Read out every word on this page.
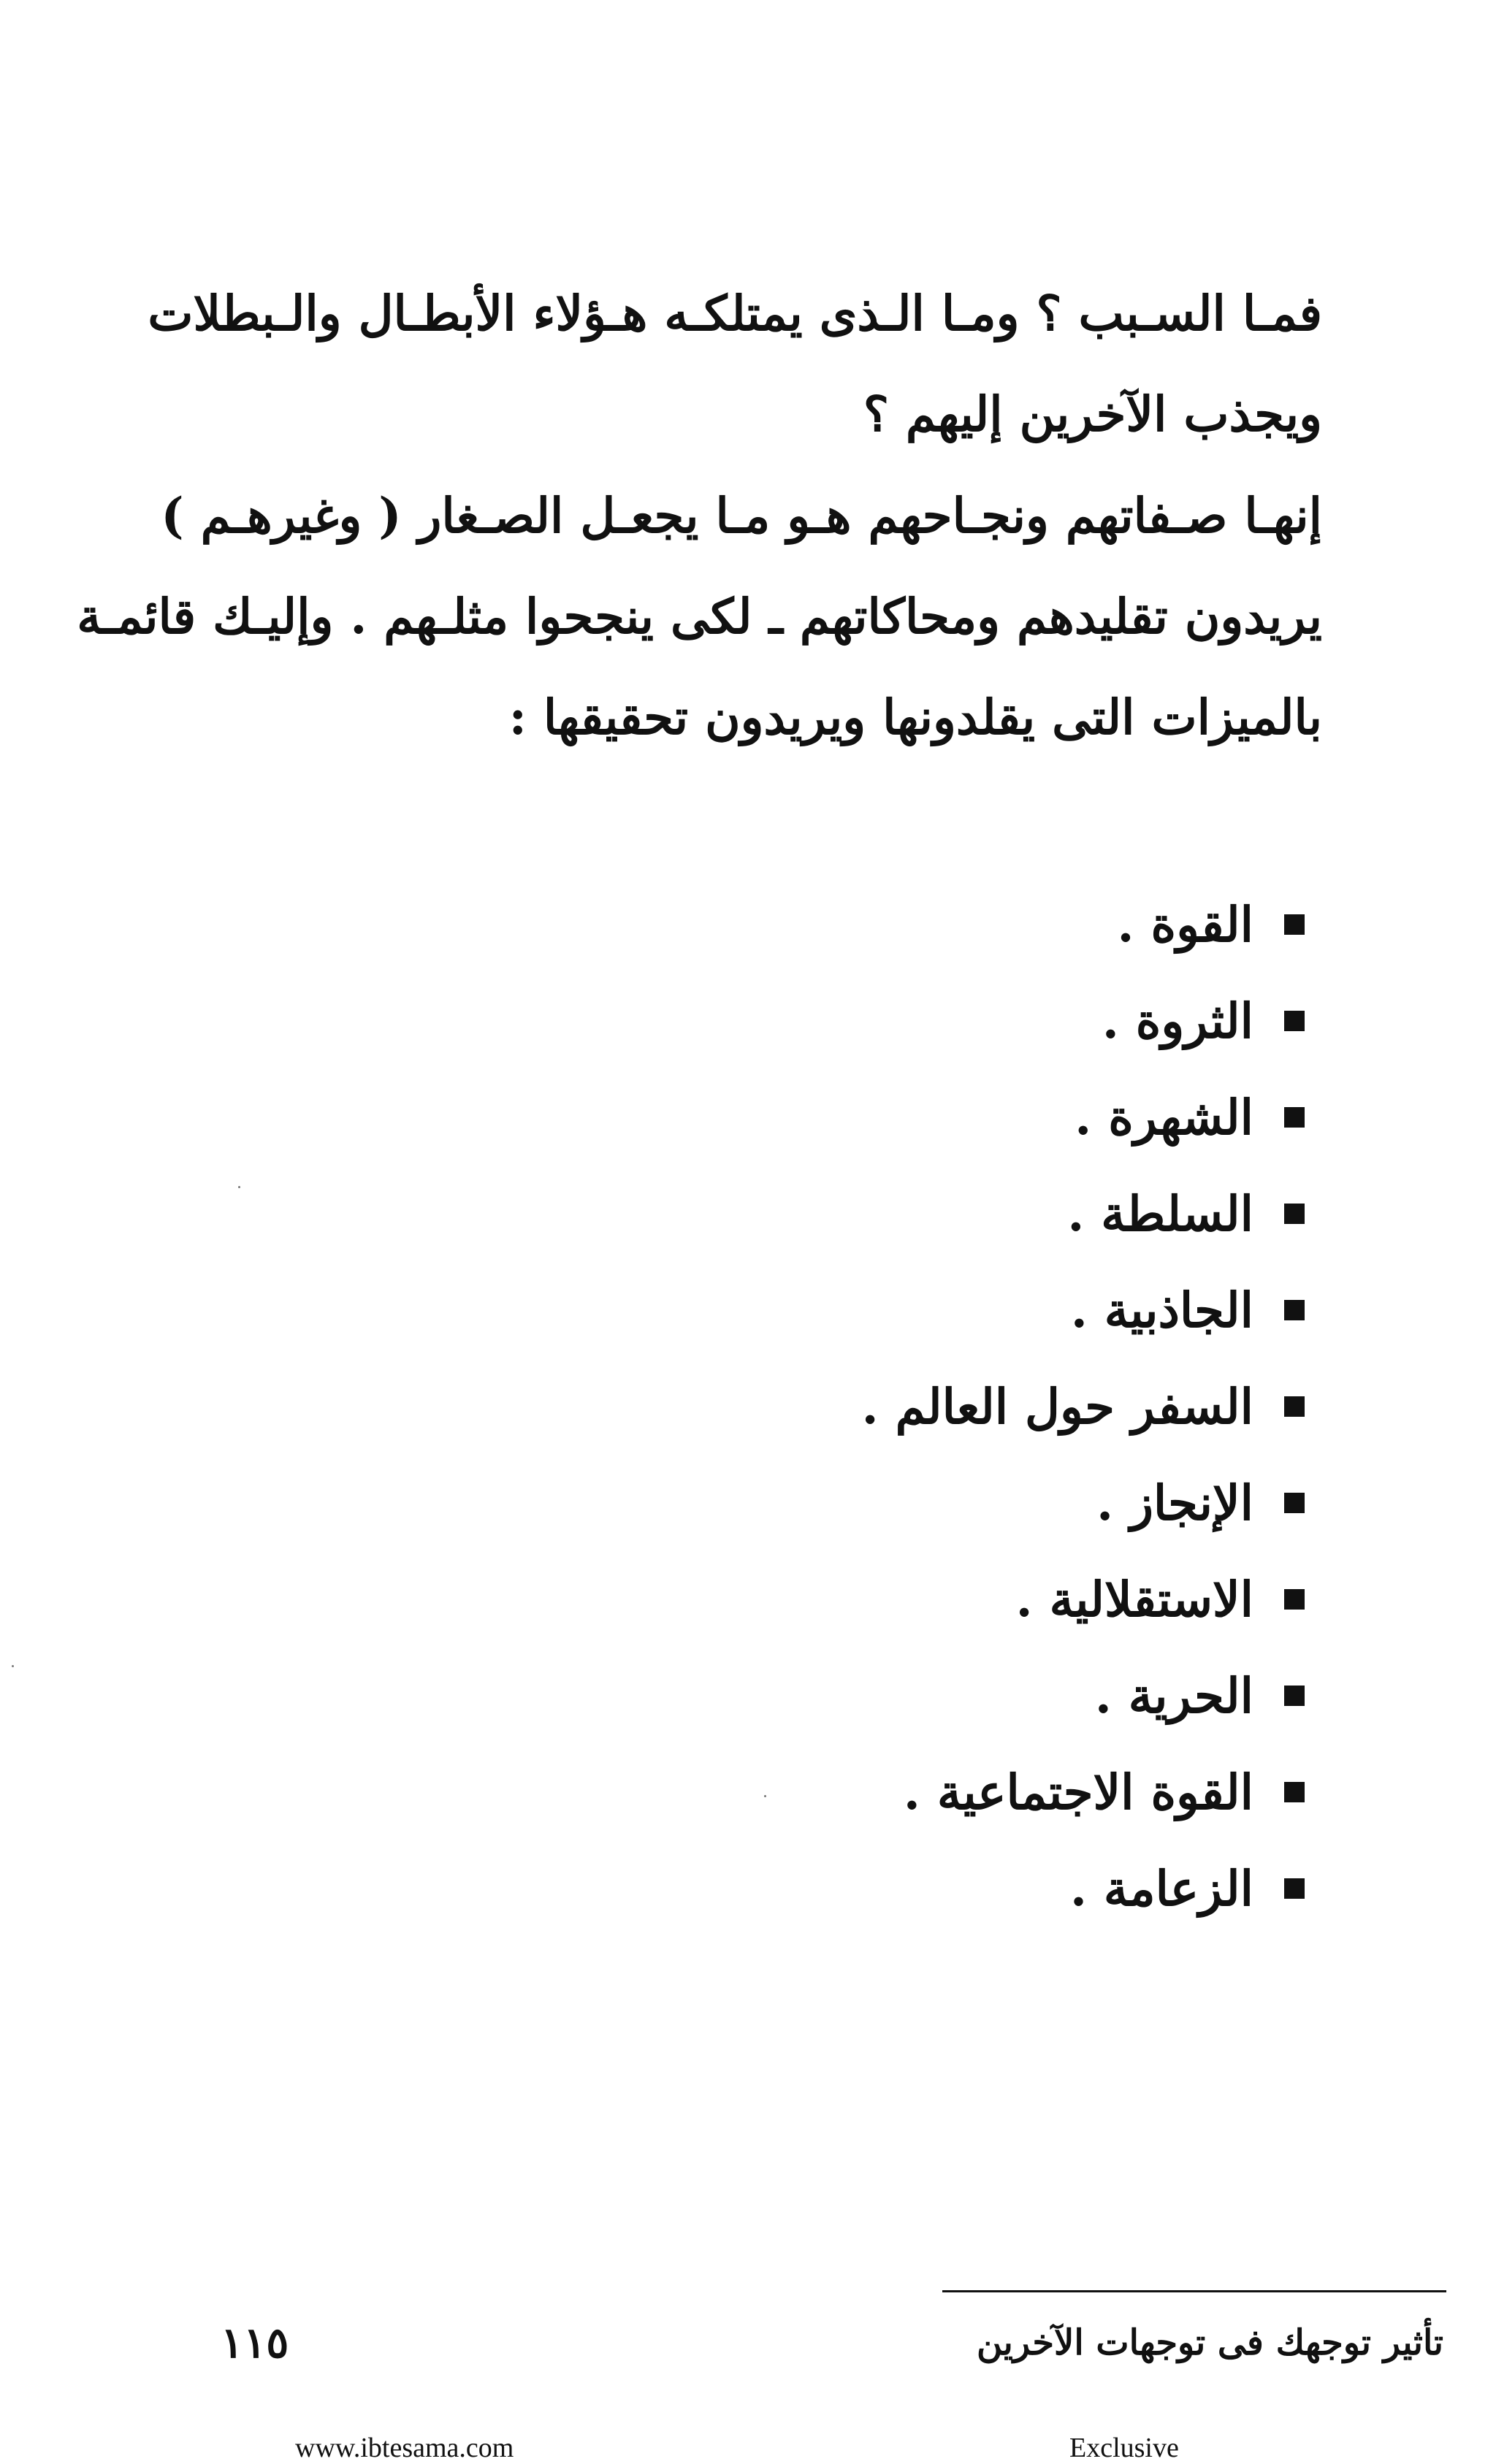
فمـا السـبب ؟ ومـا الـذى يمتلكـه هـؤلاء الأبطـال والـبطلات
ويجذب الآخرين إليهم ؟
إنهـا صـفاتهم ونجـاحهم هـو مـا يجعـل الصـغار ( وغيرهـم )
يريدون تقليدهم ومحاكاتهم ـ لكى ينجحوا مثلـهم . وإليـك قائمـة
بالميزات التى يقلدونها ويريدون تحقيقها :
القوة .
الثروة .
الشهرة .
السلطة .
الجاذبية .
السفر حول العالم .
الإنجاز .
الاستقلالية .
الحرية .
القوة الاجتماعية .
الزعامة .
تأثير توجهك فى توجهات الآخرين
١١٥
www.ibtesama.com	Exclusive
